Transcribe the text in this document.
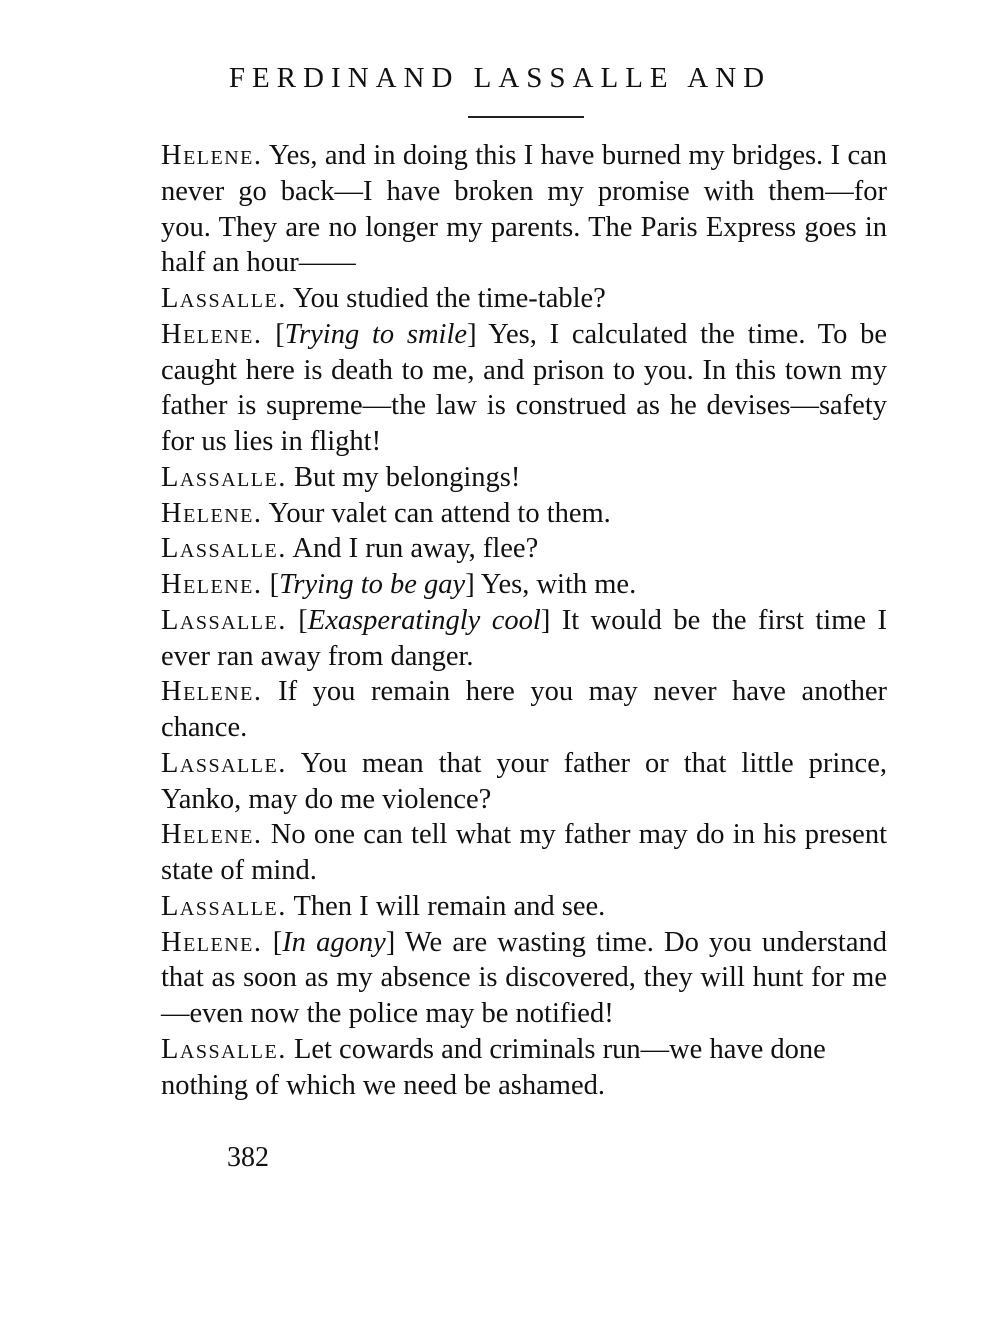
FERDINAND LASSALLE AND

Helene. Yes, and in doing this I have burned my bridges. I can never go back—I have broken my promise with them—for you. They are no longer my parents. The Paris Express goes in half an hour——

Lassalle. You studied the time-table?

Helene. [Trying to smile] Yes, I calculated the time. To be caught here is death to me, and prison to you. In this town my father is supreme—the law is construed as he devises—safety for us lies in flight!

Lassalle. But my belongings!

Helene. Your valet can attend to them.

Lassalle. And I run away, flee?

Helene. [Trying to be gay] Yes, with me.

Lassalle. [Exasperatingly cool] It would be the first time I ever ran away from danger.

Helene. If you remain here you may never have another chance.

Lassalle. You mean that your father or that little prince, Yanko, may do me violence?

Helene. No one can tell what my father may do in his present state of mind.

Lassalle. Then I will remain and see.

Helene. [In agony] We are wasting time. Do you understand that as soon as my absence is discovered, they will hunt for me—even now the police may be notified!

Lassalle. Let cowards and criminals run—we have done nothing of which we need be ashamed.

382
